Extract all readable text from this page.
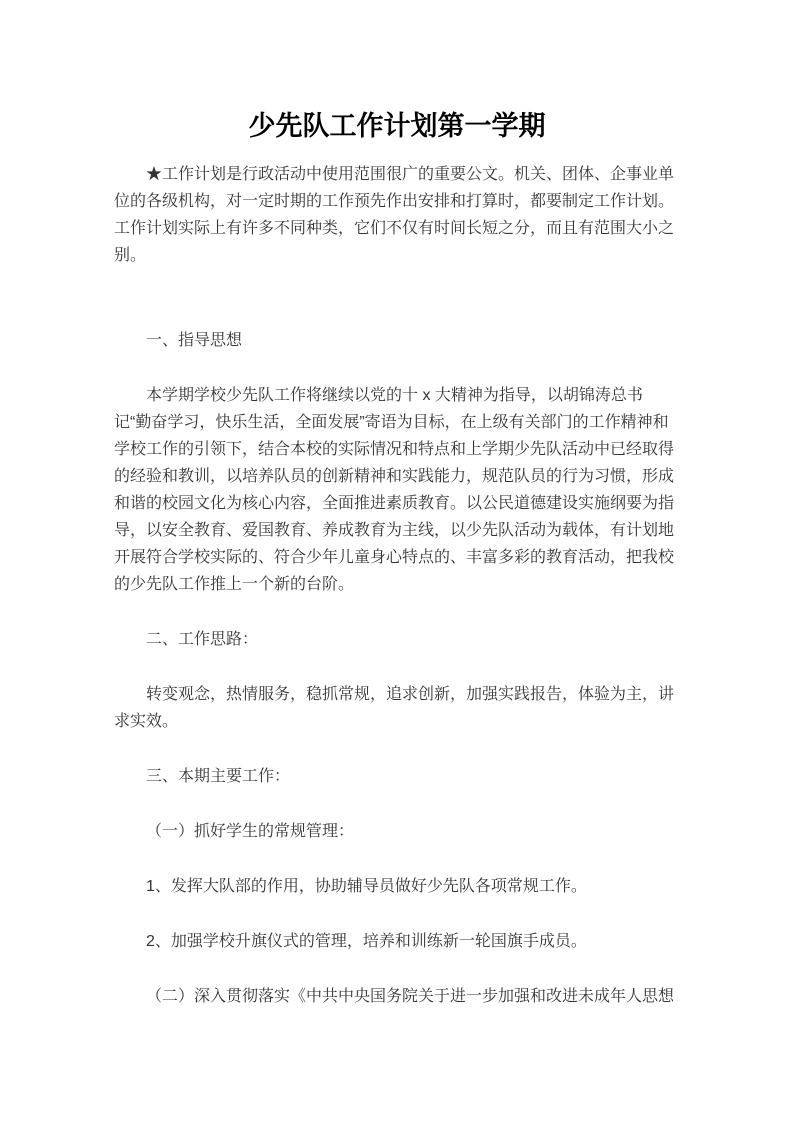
少先队工作计划第一学期

★工作计划是行政活动中使用范围很广的重要公文。机关、团体、企事业单位的各级机构，对一定时期的工作预先作出安排和打算时，都要制定工作计划。工作计划实际上有许多不同种类，它们不仅有时间长短之分，而且有范围大小之别。

一、指导思想

本学期学校少先队工作将继续以党的十 x 大精神为指导，以胡锦涛总书记“勤奋学习，快乐生活，全面发展”寄语为目标，在上级有关部门的工作精神和学校工作的引领下，结合本校的实际情况和特点和上学期少先队活动中已经取得的经验和教训，以培养队员的创新精神和实践能力，规范队员的行为习惯，形成和谐的校园文化为核心内容，全面推进素质教育。以公民道德建设实施纲要为指导，以安全教育、爱国教育、养成教育为主线，以少先队活动为载体，有计划地开展符合学校实际的、符合少年儿童身心特点的、丰富多彩的教育活动，把我校的少先队工作推上一个新的台阶。

二、工作思路：

转变观念，热情服务，稳抓常规，追求创新，加强实践报告，体验为主，讲求实效。

三、本期主要工作：

（一）抓好学生的常规管理：

1、发挥大队部的作用，协助辅导员做好少先队各项常规工作。

2、加强学校升旗仪式的管理，培养和训练新一轮国旗手成员。

（二）深入贯彻落实《中共中央国务院关于进一步加强和改进未成年人思想
